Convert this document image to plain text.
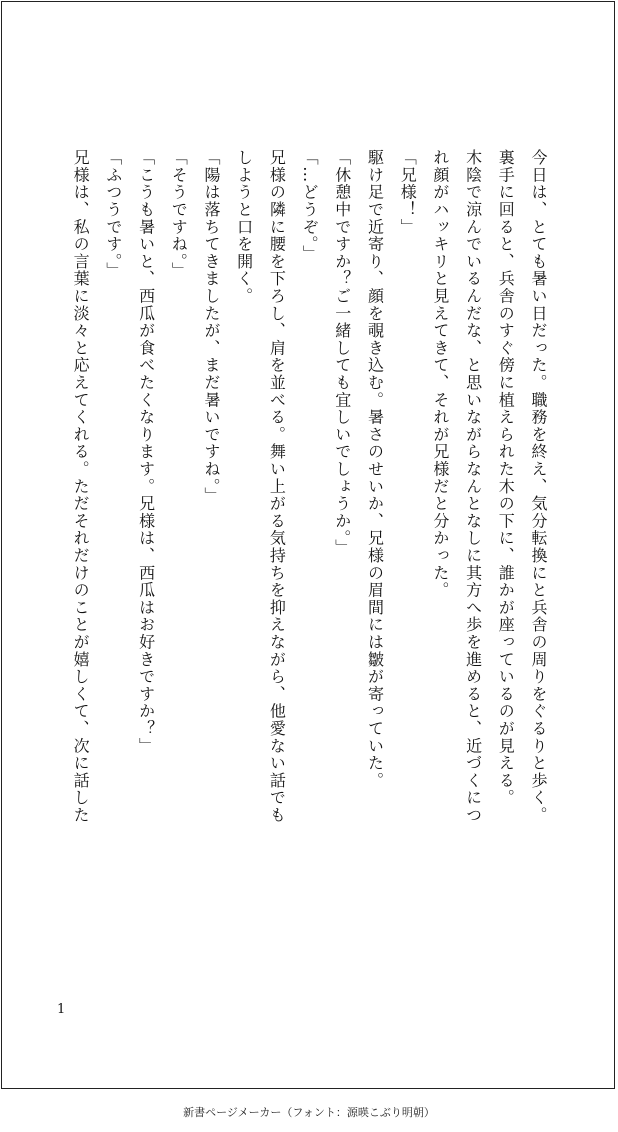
今日は、とても暑い日だった。職務を終え、気分転換にと兵舎の周りをぐるりと歩く。
裏手に回ると、兵舎のすぐ傍に植えられた木の下に、誰かが座っているのが見える。
木陰で涼んでいるんだな、と思いながらなんとなしに其方へ歩を進めると、近づくにつ
れ顔がハッキリと見えてきて、それが兄様だと分かった。
「兄様！」
駆け足で近寄り、顔を覗き込む。暑さのせいか、兄様の眉間には皺が寄っていた。
「休憩中ですか？ご一緒しても宜しいでしょうか。」
「…どうぞ。」
兄様の隣に腰を下ろし、肩を並べる。舞い上がる気持ちを抑えながら、他愛ない話でも
しようと口を開く。
「陽は落ちてきましたが、まだ暑いですね。」
「そうですね。」
「こうも暑いと、西瓜が食べたくなります。兄様は、西瓜はお好きですか？」
「ふつうです。」
兄様は、私の言葉に淡々と応えてくれる。ただそれだけのことが嬉しくて、次に話した
1
新書ページメーカー（フォント：源暎こぶり明朝）
